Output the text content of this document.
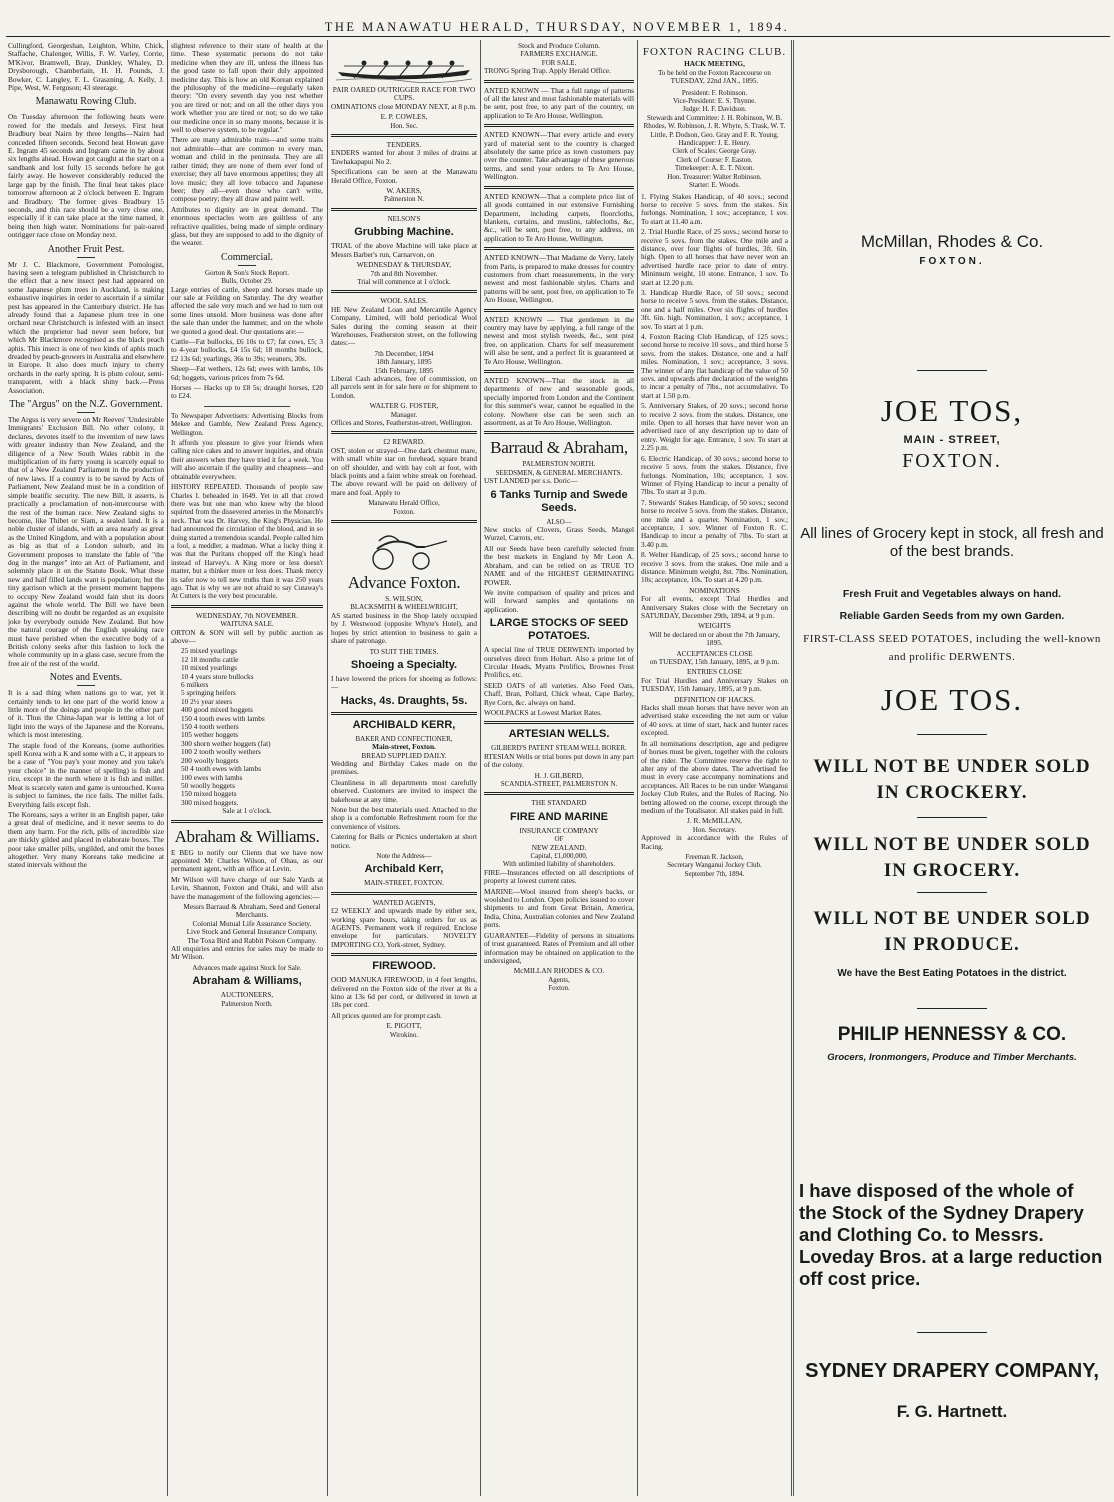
THE MANAWATU HERALD, THURSDAY, NOVEMBER 1, 1894.

Cullingford, Georgeshan, Leighton, White, Chick, Staffache, Chalenger, Willis, F. W. Varley, Corrie, M'Kivor, Bramwell, Bray, Dunkley, Whaley, D. Drysborough, Chamberlain, H. H. Pounds, J. Bowker, C. Langley, F. L. Graszning, A. Kelly, J. Pipe, West, W. Ferguson; 43 steerage.

Manawatu Rowing Club.

On Tuesday afternoon the following heats were rowed for the medals and Jerseys. First heat Bradbury beat Nairn by three lengths—Nairn had conceded fifteen seconds. Second heat Howan gave E. Ingram 45 seconds and Ingram came in by about six lengths ahead. Howan got caught at the start on a sandbank and lost fully 15 seconds before he got fairly away. He however considerably reduced the large gap by the finish. The final heat takes place tomorrow afternoon at 2 o'clock between E. Ingram and Bradbury. The former gives Bradbury 15 seconds, and this race should be a very close one, especially if it can take place at the time named, it being then high water. Nominations for pair-oared outrigger race close on Monday next.

Another Fruit Pest.

Mr J. C. Blackmore, Government Pomologist, having seen a telegram published in Christchurch to the effect that a new insect pest had appeared on some Japanese plum trees in Auckland, is making exhaustive inquiries in order to ascertain if a similar pest has appeared in the Canterbury district. He has already found that a Japanese plum tree in one orchard near Christchurch is infested with an insect which the proprietor had never seen before, but which Mr Blackmore recognised as the black peach aphis. This insect is one of two kinds of aphis much dreaded by peach-growers in Australia and elsewhere in Europe. It also does much injury to cherry orchards in the early spring. It is plum colour, semi-transparent, with a black shiny back.—Press Association.

The "Argus" on the N.Z. Government.

The Argus is very severe on Mr Reeves' 'Undesirable Immigrants' Exclusion Bill. No other colony, it declares, devotes itself to the invention of new laws with greater industry than New Zealand, and the diligence of a New South Wales rabbit in the multiplication of its furry young is scarcely equal to that of a New Zealand Parliament in the production of new laws. If a country is to be saved by Acts of Parliament, New Zealand must be in a condition of simple beatific security. The new Bill, it asserts, is practically a proclamation of non-intercourse with the rest of the human race. New Zealand sighs to become, like Thibet or Siam, a sealed land. It is a noble cluster of islands, with an area nearly as great as the United Kingdom, and with a population about as big as that of a London suburb, and its Government proposes to translate the fable of "the dog in the manger" into an Act of Parliament, and solemnly place it on the Statute Book. What these new and half filled lands want is population; but the tiny garrison which at the present moment happens to occupy New Zealand would fain shut its doors against the whole world. The Bill we have been describing will no doubt be regarded as an exquisite joke by everybody outside New Zealand. But how the natural courage of the English speaking race must have perished when the executive body of a British colony seeks after this fashion to lock the whole community up in a glass case, secure from the free air of the rest of the world.

Notes and Events.

It is a sad thing when nations go to war, yet it certainly tends to let one part of the world know a little more of the doings and people in the other part of it. Thus the China-Japan war is letting a lot of light into the ways of the Japanese and the Koreans, which is most interesting.

The staple food of the Koreans, (some authorities spell Korea with a K and some with a C, it appears to be a case of "You pay's your money and you take's your choice" in the manner of spelling) is fish and rice, except in the north where it is fish and millet. Meat is scarcely eaten and game is untouched. Korea is subject to famines, the rice fails. The millet fails. Everything fails except fish.

The Koreans, says a writer in an English paper, take a great deal of medicine, and it never seems to do them any harm. For the rich, pills of incredible size are thickly gilded and placed in elaborate boxes. The poor take smaller pills, ungilded, and omit the boxes altogether. Very many Koreans take medicine at stated intervals without the

slightest reference to their state of health at the time. These systematic persons do not take medicine when they are ill, unless the illness has the good taste to fall upon their duly appointed medicine day. This is how an old Korean explained the philosophy of the medicine—regularly taken theory: "On every seventh day you rest whether you are tired or not; and on all the other days you work whether you are tired or not; so do we take our medicine once in so many moons, because it is well to observe system, to be regular."

There are many admirable traits—and some traits not admirable—that are common to every man, woman and child in the peninsula. They are all rather timid; they are none of them ever fond of exercise; they all have enormous appetites; they all love music; they all love tobacco and Japanese beer; they all—even those who can't write, compose poetry; they all draw and paint well.

Attributes to dignity are in great demand. The enormous spectacles worn are guiltless of any refractive qualities, being made of simple ordinary glass, but they are supposed to add to the dignity of the wearer.

Commercial.
Gorton & Son's Stock Report.
Bulls, October 29.

Large entries of cattle, sheep and horses made up our sale at Feilding on Saturday. The dry weather affected the sale very much and we had to turn out some lines unsold. More business was done after the sale than under the hammer, and on the whole we quoted a good deal. Our quotations are:—

Cattle—Fat bullocks, £6 10s to £7; fat cows, £5; 3 to 4-year bullocks, £4 15s 6d; 18 months bullock, £2 13s 6d; yearlings, 36s to 39s; weaners, 30s.

Sheep—Fat wethers, 12s 6d; ewes with lambs, 10s 6d; hoggets, various prices from 7s 6d.

Horses — Hacks up to £8 5s; draught horses, £20 to £24.

To Newspaper Advertisers: Advertising Blocks from Mekee and Gamble, New Zealand Press Agency, Wellington.

It affords you pleasure to give your friends when calling nice cakes and to answer inquiries, and obtain their answers when they have tried it for a week. You will also ascertain if the quality and cheapness—and obtainable everywhere.

HISTORY REPEATED. Thousands of people saw Charles I. beheaded in 1649. Yet in all that crowd there was but one man who knew why the blood squirted from the dissevered arteries in the Monarch's neck. That was Dr. Harvey, the King's Physician. He had announced the circulation of the blood, and in so doing started a tremendous scandal. People called him a fool, a meddler, a madman. What a lucky thing it was that the Puritans chopped off the King's head instead of Harvey's. A King more or less doesn't matter, but a thinker more or less does. Thank mercy its safer now to tell new truths than it was 250 years ago. That is why we are not afraid to say Cutaway's At Cutters is the very best procurable.

WEDNESDAY, 7th NOVEMBER.
WAITUNA SALE.

ORTON & SON will sell by public auction as above—

25 mixed yearlings
12 18 months cattle
10 mixed yearlings
10 4 years store bullocks
6 milkers
5 springing heifers
10 2½ year steers
400 good mixed hoggets
150 4 tooth ewes with lambs
150 4 tooth wethers
105 wether hoggets
300 shorn wether hoggets (fat)
100 2 tooth woolly wethers
200 woolly hoggets
50 4 tooth ewes with lambs
100 ewes with lambs
50 woolly hoggets
150 mixed hoggets
300 mixed hoggets.
Sale at 1 o'clock.
Abraham & Williams.

E BEG to notify our Clients that we have now appointed Mr Charles Wilson, of Ohau, as our permanent agent, with an office at Levin.

Mr Wilson will have charge of our Sale Yards at Levin, Shannon, Foxton and Otaki, and will also have the management of the following agencies:—

Messrs Barraud & Abraham, Seed and General Merchants.
Colonial Mutual Life Assurance Society.
Live Stock and General Insurance Company.
The Toxa Bird and Rabbit Poison Company.

All enquiries and entries for sales may be made to Mr Wilson.

Advances made against Stock for Sale.

Abraham & Williams,
AUCTIONEERS,
Palmerston North.
PAIR OARED OUTRIGGER RACE FOR TWO CUPS.

OMINATIONS close MONDAY NEXT, at 8 p.m.

E. P. COWLES,
Hon. Sec.
TENDERS.

ENDERS wanted for about 3 miles of drains at Tawhakapapui No 2.

Specifications can be seen at the Manawatu Herald Office, Foxton.

W. AKERS,
Palmerston N.
NELSON'S
Grubbing Machine.

TRIAL of the above Machine will take place at Messrs Barber's run, Carnarvon, on

WEDNESDAY & THURSDAY,
7th and 8th November.
Trial will commence at 1 o'clock.
WOOL SALES.

HE New Zealand Loan and Mercantile Agency Company, Limited, will hold periodical Wool Sales during the coming season at their Warehouses, Featherston street, on the following dates:—

7th December, 1894
18th January, 1895
15th February, 1895

Liberal Cash advances, free of commission, on all parcels sent in for sale here or for shipment to London.

WALTER G. FOSTER,
Manager.

Offices and Stores, Featherston-street, Wellington.

£2 REWARD.

OST, stolen or strayed—One dark chestnut mare, with small white star on forehead, square brand on off shoulder, and with bay colt at foot, with black points and a faint white streak on forehead. The above reward will be paid on delivery of mare and foal. Apply to

Manawatu Herald Office,
Foxton.
Advance Foxton.
S. WILSON,
BLACKSMITH & WHEELWRIGHT,

AS started business in the Shop lately occupied by J. Westwood (opposite Whyte's Hotel), and hopes by strict attention to business to gain a share of patronage.

TO SUIT THE TIMES.
Shoeing a Specialty.

I have lowered the prices for shoeing as follows:—

Hacks, 4s. Draughts, 5s.
ARCHIBALD KERR,
BAKER AND CONFECTIONER,
Main-street, Foxton.
BREAD SUPPLIED DAILY.

Wedding and Birthday Cakes made on the premises.

Cleanliness in all departments most carefully observed. Customers are invited to inspect the bakehouse at any time.

None but the best materials used. Attached to the shop is a comfortable Refreshment room for the convenience of visitors.

Catering for Balls or Picnics undertaken at short notice.

Note the Address—
Archibald Kerr,
MAIN-STREET, FOXTON.
WANTED AGENTS,

£2 WEEKLY and upwards made by either sex, working spare hours, taking orders for us as AGENTS. Permanent work if required. Enclose envelope for particulars. NOVELTY IMPORTING CO, York-street, Sydney.

FIREWOOD.

OOD MANUKA FIREWOOD, in 4 feet lengths, delivered on the Foxton side of the river at 8s a kino at 13s 6d per cord, or delivered in town at 18s per cord.

All prices quoted are for prompt cash.

E. PIGOTT,
Wirokino.
Stock and Produce Column.
FARMERS EXCHANGE.
FOR SALE.

TRONG Spring Trap. Apply Herald Office.

ANTED KNOWN — That a full range of patterns of all the latest and most fashionable materials will be sent, post free, to any part of the country, on application to Te Aro House, Wellington.

ANTED KNOWN—That every article and every yard of material sent to the country is charged absolutely the same price as town customers pay over the counter. Take advantage of these generous terms, and send your orders to Te Aro House, Wellington.

ANTED KNOWN—That a complete price list of all goods contained in our extensive Furnishing Department, including carpets, floorcloths, blankets, curtains, and muslins, tablecloths, &c, &c., will be sent, post free, to any address, on application to Te Aro House, Wellington.

ANTED KNOWN—That Madame de Verry, lately from Paris, is prepared to make dresses for country customers from chart measurements, in the very newest and most fashionable styles. Charts and patterns will be sent, post free, on application to Te Aro House, Wellington.

ANTED KNOWN — That gentlemen in the country may have by applying, a full range of the newest and most stylish tweeds, &c., sent post free, on application. Charts for self measurement will also be sent, and a perfect fit is guaranteed at Te Aro House, Wellington.

ANTED KNOWN—That the stock in all departments of new and seasonable goods, specially imported from London and the Continent for this summer's wear, cannot be equalled in the colony. Nowhere else can be seen such an assortment, as at Te Aro House, Wellington.

Barraud & Abraham,
PALMERSTON NORTH.
SEEDSMEN, & GENERAL MERCHANTS.

UST LANDED per s.s. Doric—

6 Tanks Turnip and Swede Seeds.
ALSO—

New stocks of Clovers, Grass Seeds, Mangel Wurzel, Carrots, etc.

All our Seeds have been carefully selected from the best markets in England by Mr Leon A. Abraham, and can be relied on as TRUE TO NAME and of the HIGHEST GERMINATING POWER.

We invite comparison of quality and prices and will forward samples and quotations on application.

LARGE STOCKS OF SEED POTATOES.

A special line of TRUE DERWENTs imported by ourselves direct from Hobart. Also a prime lot of Circular Heads, Myatts Prolifics, Brownes Frost Prolifics, etc.

SEED OATS of all varieties. Also Feed Oats, Chaff, Bran, Pollard, Chick wheat, Cape Barley, Rye Corn, &c. always on hand.

WOOLPACKS at Lowest Market Rates.

ARTESIAN WELLS.
GILBERD'S PATENT STEAM WELL BORER.

RTESIAN Wells or trial bores put down in any part of the colony.

H. J. GILBERD,
SCANDIA-STREET, PALMERSTON N.
THE STANDARD
FIRE AND MARINE
INSURANCE COMPANY
OF
NEW ZEALAND.
Capital, £1,000,000,
With unlimited liability of shareholders.

FIRE—Insurances effected on all descriptions of property at lowest current rates.

MARINE—Wool insured from sheep's backs, or woolshed to London. Open policies issued to cover shipments to and from Great Britain, America, India, China, Australian colonies and New Zealand ports.

GUARANTEE—Fidelity of persons in situations of trust guaranteed. Rates of Premium and all other information may be obtained on application to the undersigned,

McMILLAN RHODES & CO.
Agents,
Foxton.
FOXTON RACING CLUB.
HACK MEETING,
To be held on the Foxton Racecourse on
TUESDAY, 22nd JAN., 1895.
President: F. Robinson.
Vice-President: E. S. Thynne.
Judge: H. F. Davidson.
Stewards and Committee: J. H. Robinson, W. B. Rhodes, W. Robinson, J. R. Whyte, S. Trask, W. T. Little, P. Dodson, Geo. Gray and F. R. Young.
Handicapper: J. E. Henry.
Clerk of Scales: George Gray.
Clerk of Course: F. Easton.
Timekeeper: A. E. T. Nixon.
Hon. Treasurer: Walter Robinson.
Starter: E. Woods.

1. Flying Stakes Handicap, of 40 sovs.; second horse to receive 5 sovs. from the stakes. Six furlongs. Nomination, 1 sov.; acceptance, 1 sov. To start at 11.40 a.m.

2. Trial Hurdle Race, of 25 sovs.; second horse to receive 5 sovs. from the stakes. One mile and a distance, over four flights of hurdles, 3ft. 6in. high. Open to all horses that have never won an advertised hurdle race prior to date of entry. Minimum weight, 10 stone. Entrance, 1 sov. To start at 12.20 p.m.

3. Handicap Hurdle Race, of 50 sovs.; second horse to receive 5 sovs. from the stakes. Distance, one and a half miles. Over six flights of hurdles 3ft. 6in. high. Nomination, 1 sov.; acceptance, 1 sov. To start at 1 p.m.

4. Foxton Racing Club Handicap, of 125 sovs.; second horse to receive 10 sovs., and third horse 5 sovs. from the stakes. Distance, one and a half miles. Nomination, 1 sov.; acceptance, 3 sovs. The winner of any flat handicap of the value of 50 sovs. and upwards after declaration of the weights to incur a penalty of 7lbs., not accumulative. To start at 1.50 p.m.

5. Anniversary Stakes, of 20 sovs.; second horse to receive 2 sovs. from the stakes. Distance, one mile. Open to all horses that have never won an advertised race of any description up to date of entry. Weight for age. Entrance, 1 sov. To start at 2.25 p.m.

6. Electric Handicap, of 30 sovs.; second horse to receive 5 sovs. from the stakes. Distance, five furlongs. Nomination, 10s; acceptance, 1 sov. Winner of Flying Handicap to incur a penalty of 7lbs. To start at 3 p.m.

7. Stewards' Stakes Handicap, of 50 sovs.; second horse to receive 5 sovs. from the stakes. Distance, one mile and a quarter. Nomination, 1 sov.; acceptance, 1 sov. Winner of Foxton R. C. Handicap to incur a penalty of 7lbs. To start at 3.40 p.m.

8. Welter Handicap, of 25 sovs.; second horse to receive 3 sovs. from the stakes. One mile and a distance. Minimum weight, 8st. 7lbs. Nomination, 10s; acceptance, 10s. To start at 4.20 p.m.

NOMINATIONS

For all events, except Trial Hurdles and Anniversary Stakes close with the Secretary on SATURDAY, December 29th, 1894, at 9 p.m.

WEIGHTS

Will be declared on or about the 7th January, 1895.

ACCEPTANCES CLOSE

on TUESDAY, 15th January, 1895, at 9 p.m.

ENTRIES CLOSE

For Trial Hurdles and Anniversary Stakes on TUESDAY, 15th January, 1895, at 9 p.m.

DEFINITION OF HACKS.

Hacks shall mean horses that have never won an advertised stake exceeding the net sum or value of 40 sovs. at time of start, hack and hunter races excepted.

In all nominations description, age and pedigree of horses must be given, together with the colours of the rider. The Committee reserve the right to alter any of the above dates. The advertised fee must in every case accompany nominations and acceptances. All Races to be run under Wanganui Jockey Club Rules, and the Rules of Racing. No betting allowed on the course, except through the medium of the Totalisator. All stakes paid in full.

J. R. McMILLAN,
Hon. Secretary.

Approved in accordance with the Rules of Racing.

Freeman R. Jackson,
Secretary Wanganui Jockey Club.
September 7th, 1894.
McMillan, Rhodes & Co.
FOXTON.
JOE TOS,
MAIN - STREET,
FOXTON.
All lines of Grocery kept in stock, all fresh and of the best brands.
Fresh Fruit and Vegetables always on hand.
Reliable Garden Seeds from my own Garden.
FIRST-CLASS SEED POTATOES, including the well-known and prolific DERWENTS.
JOE TOS.
WILL NOT BE UNDER SOLD IN CROCKERY.
WILL NOT BE UNDER SOLD IN GROCERY.
WILL NOT BE UNDER SOLD IN PRODUCE.
We have the Best Eating Potatoes in the district.
PHILIP HENNESSY & CO.
Grocers, Ironmongers, Produce and Timber Merchants.
I have disposed of the whole of the Stock of the Sydney Drapery and Clothing Co. to Messrs. Loveday Bros. at a large reduction off cost price.
SYDNEY DRAPERY COMPANY,
F. G. Hartnett.
